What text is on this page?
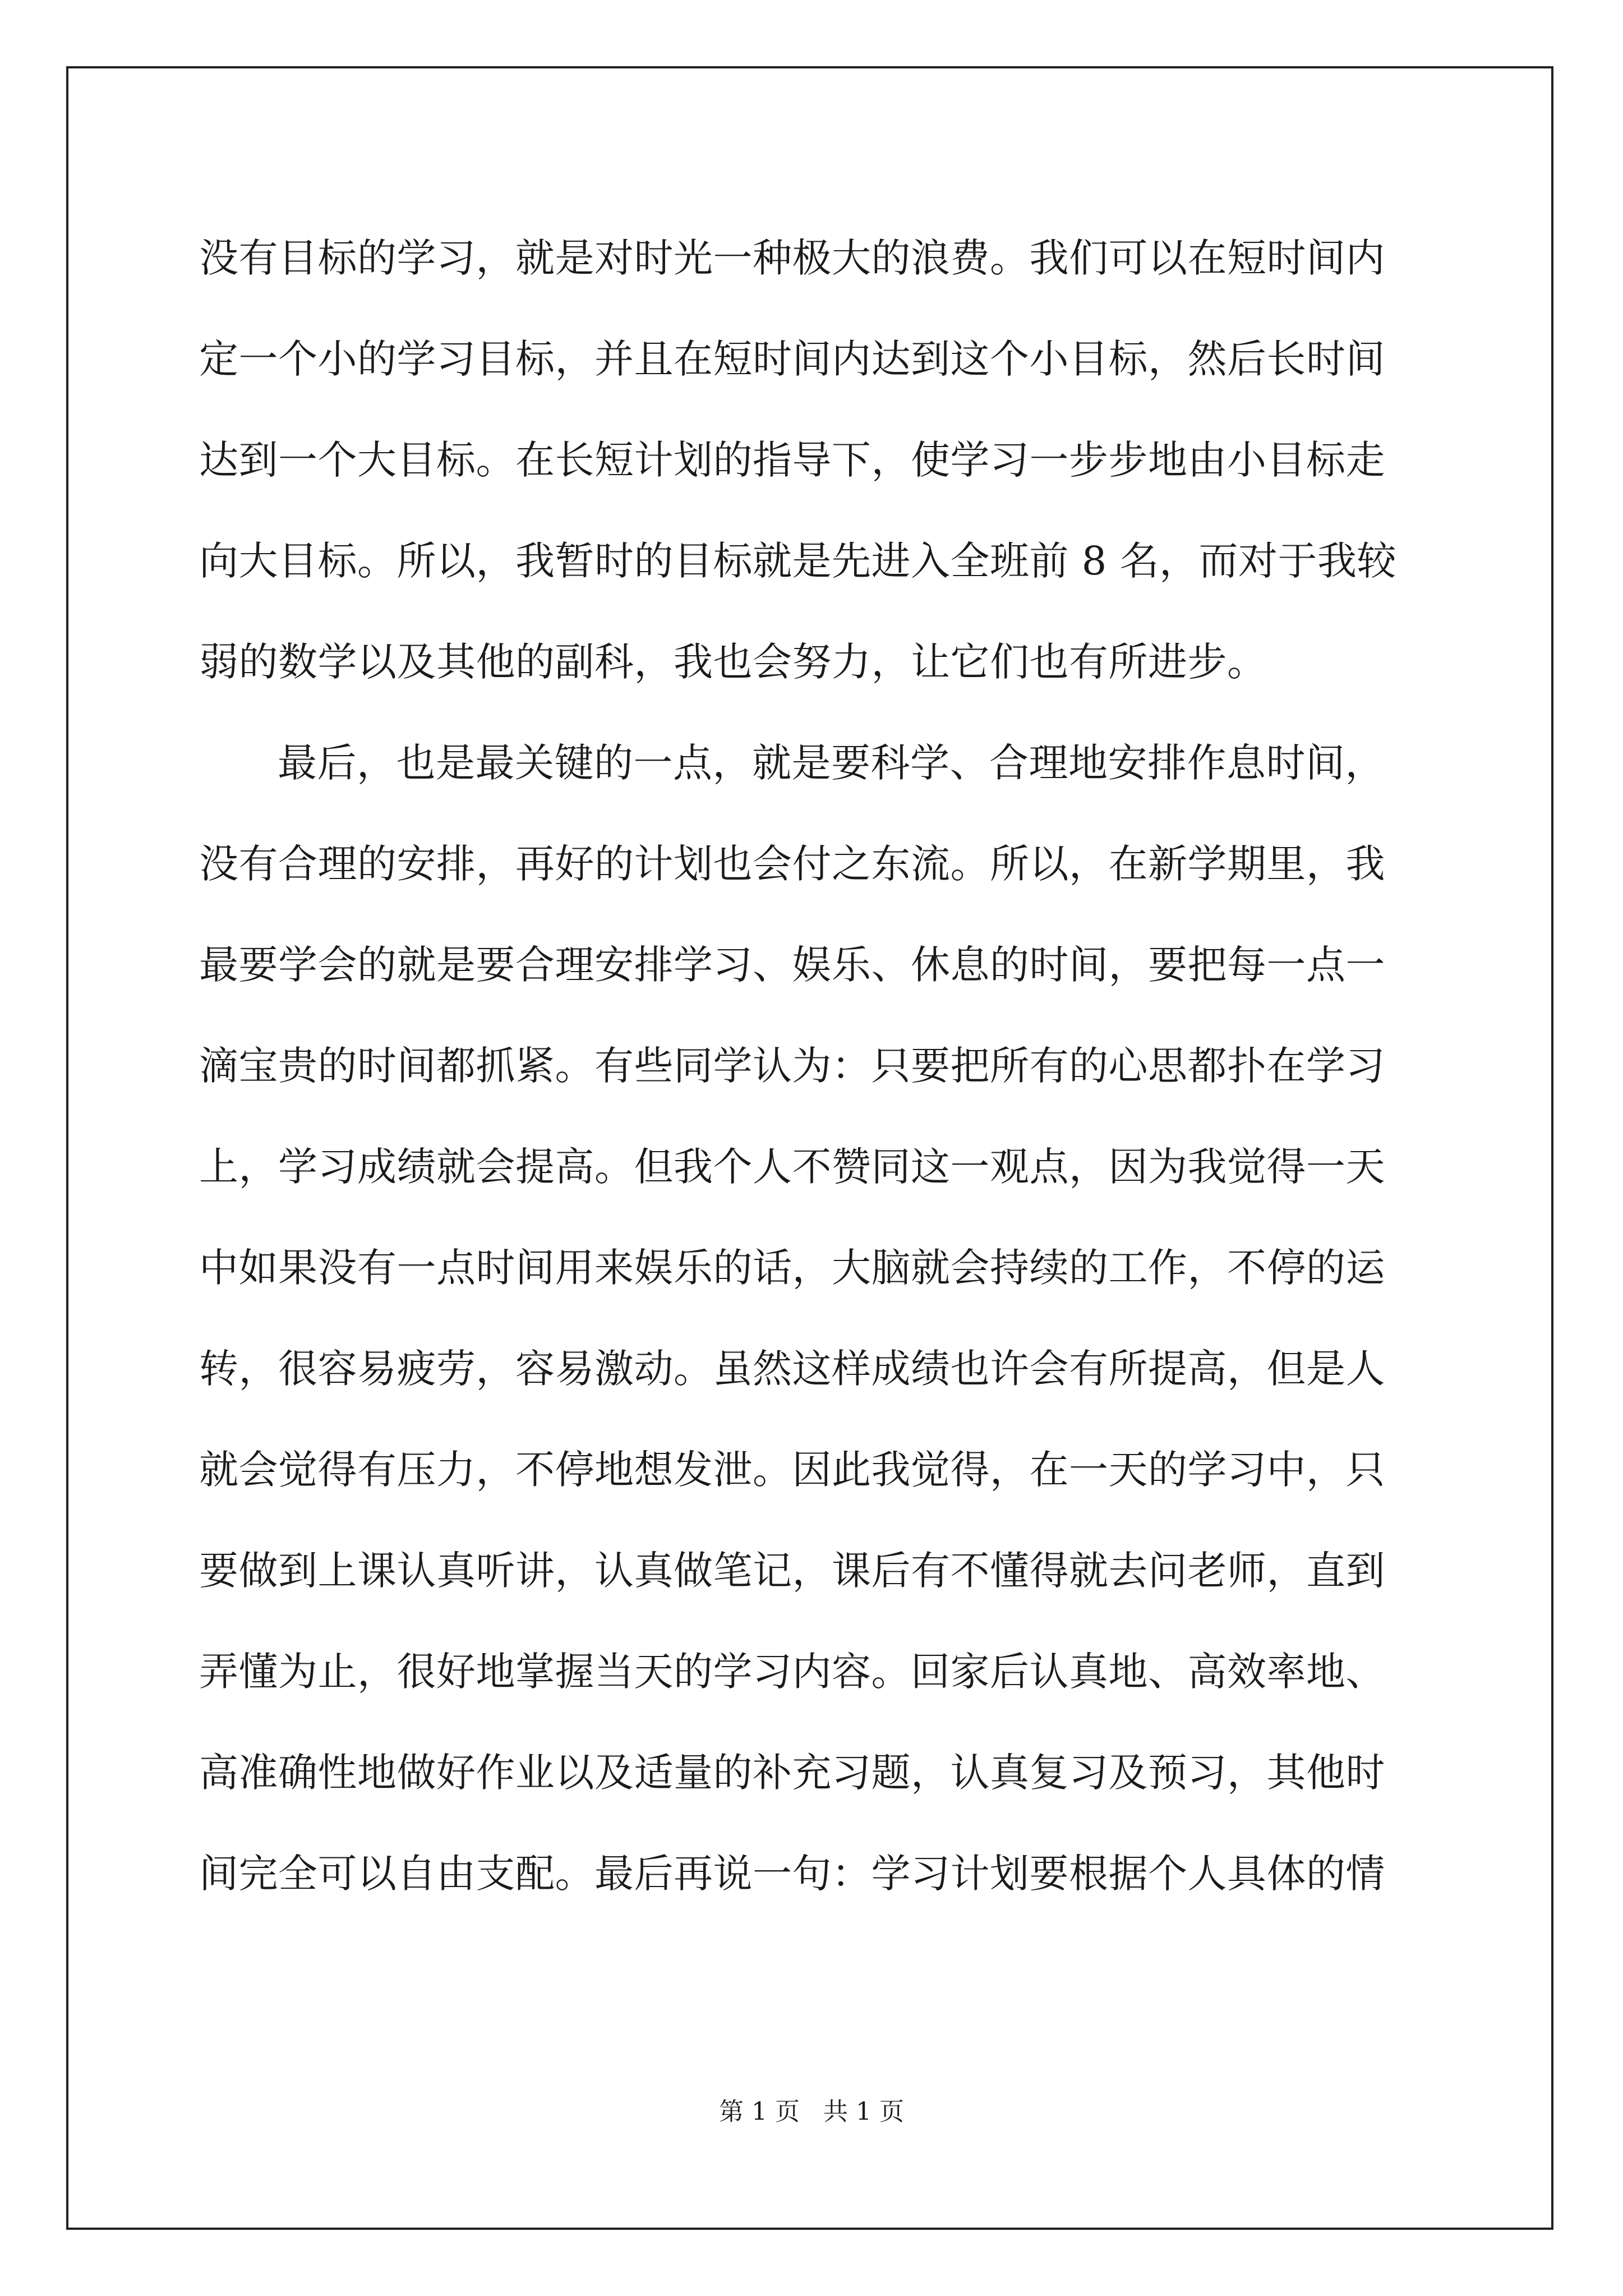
没有目标的学习，就是对时光一种极大的浪费。我们可以在短时间内
定一个小的学习目标，并且在短时间内达到这个小目标，然后长时间
达到一个大目标。在长短计划的指导下，使学习一步步地由小目标走
向大目标。所以，我暂时的目标就是先进入全班前 8 名，而对于我较
弱的数学以及其他的副科，我也会努力，让它们也有所进步。
最后，也是最关键的一点，就是要科学、合理地安排作息时间，
没有合理的安排，再好的计划也会付之东流。所以，在新学期里，我
最要学会的就是要合理安排学习、娱乐、休息的时间，要把每一点一
滴宝贵的时间都抓紧。有些同学认为：只要把所有的心思都扑在学习
上，学习成绩就会提高。但我个人不赞同这一观点，因为我觉得一天
中如果没有一点时间用来娱乐的话，大脑就会持续的工作，不停的运
转，很容易疲劳，容易激动。虽然这样成绩也许会有所提高，但是人
就会觉得有压力，不停地想发泄。因此我觉得，在一天的学习中，只
要做到上课认真听讲，认真做笔记，课后有不懂得就去问老师，直到
弄懂为止，很好地掌握当天的学习内容。回家后认真地、高效率地、
高准确性地做好作业以及适量的补充习题，认真复习及预习，其他时
间完全可以自由支配。最后再说一句：学习计划要根据个人具体的情
第 1 页   共 1 页
